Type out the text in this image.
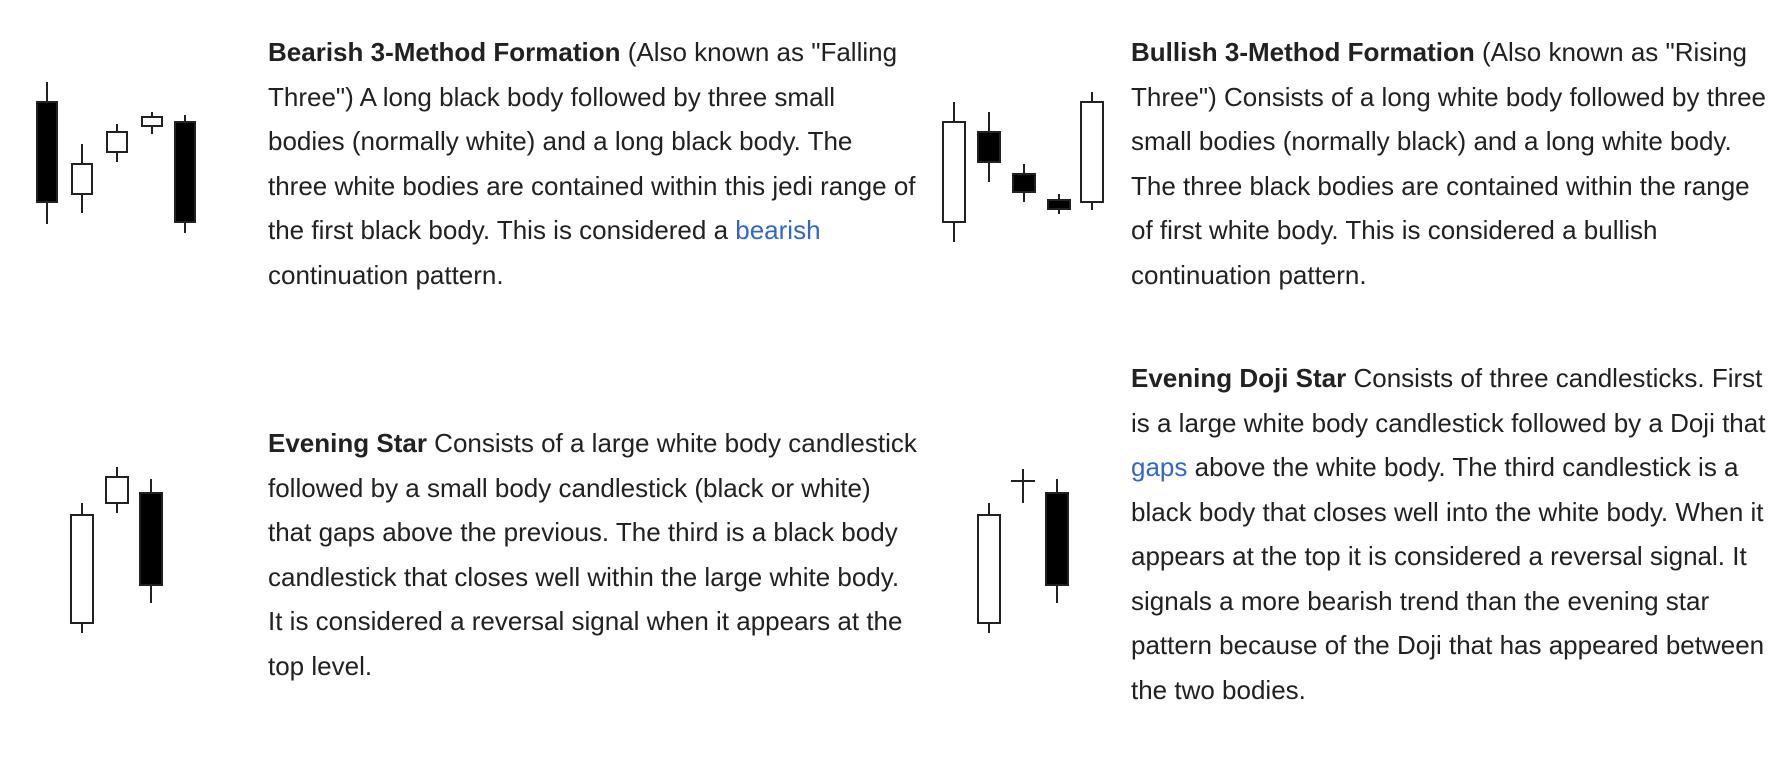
Bearish 3-Method Formation (Also known as "Falling Three") A long black body followed by three small bodies (normally white) and a long black body. The three white bodies are contained within this jedi range of the first black body. This is considered a bearish continuation pattern.

Bullish 3-Method Formation (Also known as "Rising Three") Consists of a long white body followed by three small bodies (normally black) and a long white body. The three black bodies are contained within the range of first white body. This is considered a bullish continuation pattern.

Evening Star Consists of a large white body candlestick followed by a small body candlestick (black or white) that gaps above the previous. The third is a black body candlestick that closes well within the large white body. It is considered a reversal signal when it appears at the top level.

Evening Doji Star Consists of three candlesticks. First is a large white body candlestick followed by a Doji that gaps above the white body. The third candlestick is a black body that closes well into the white body. When it appears at the top it is considered a reversal signal. It signals a more bearish trend than the evening star pattern because of the Doji that has appeared between the two bodies.
